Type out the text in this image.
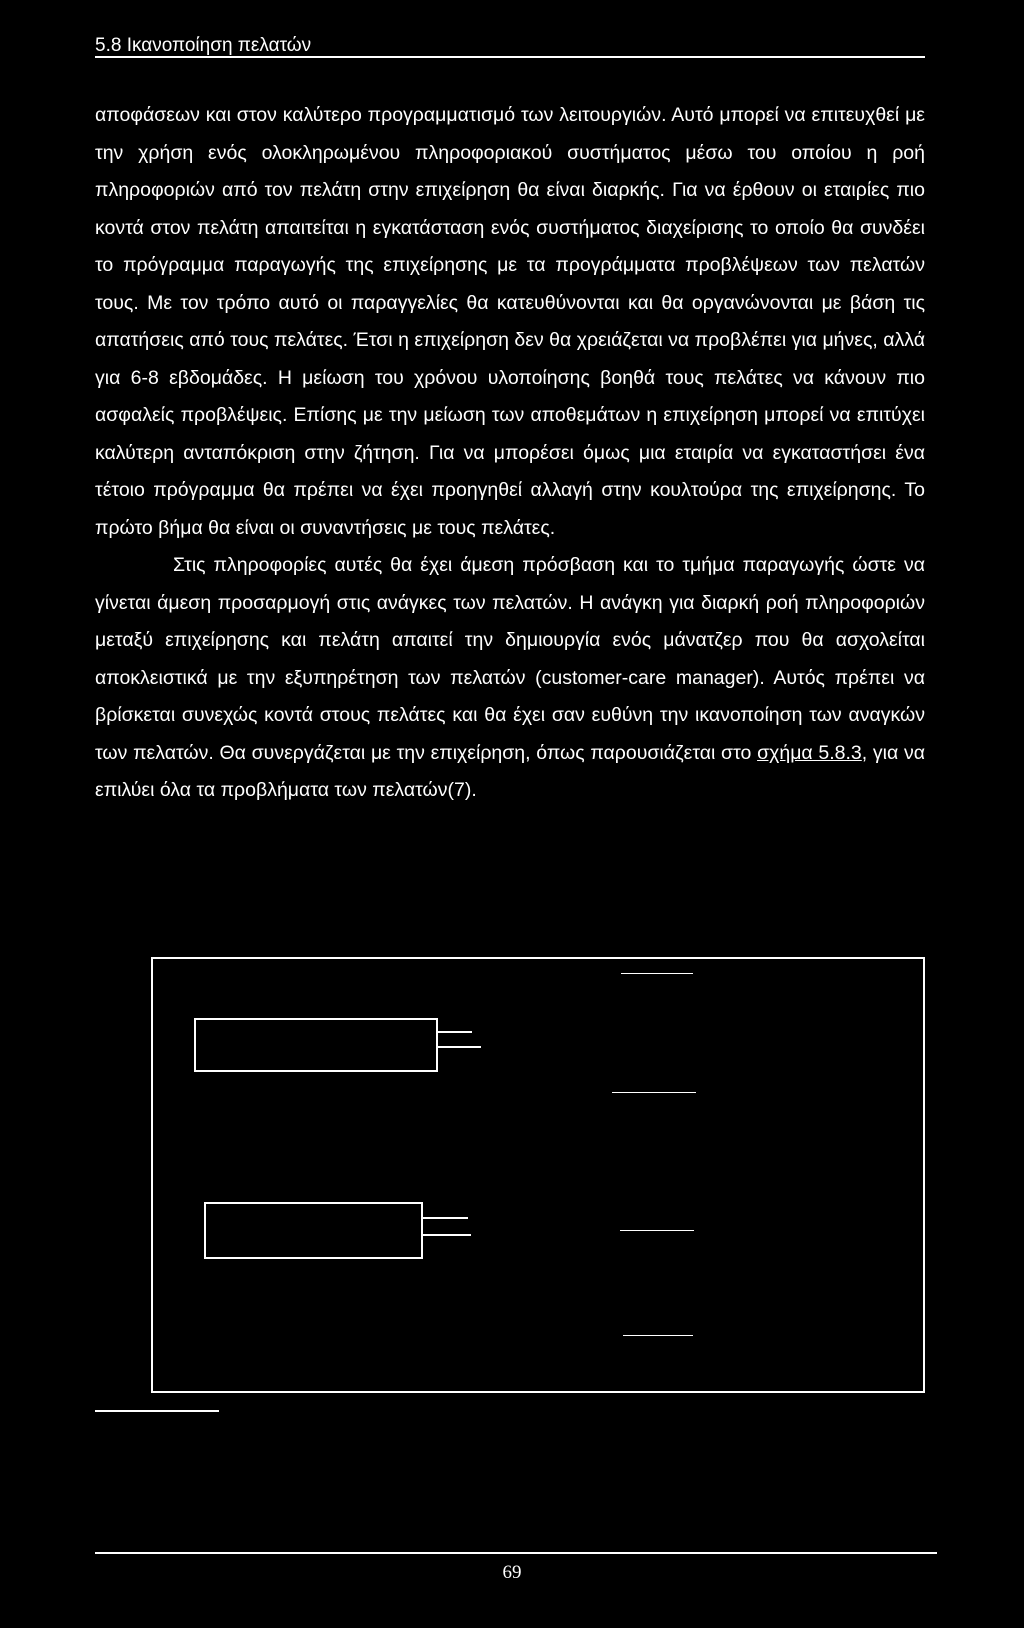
5.8 Ικανοποίηση πελατών

αποφάσεων και στον καλύτερο προγραμματισμό των λειτουργιών. Αυτό μπορεί να επιτευχθεί με την χρήση ενός ολοκληρωμένου πληροφοριακού συστήματος μέσω του οποίου η ροή πληροφοριών από τον πελάτη στην επιχείρηση θα είναι διαρκής. Για να έρθουν οι εταιρίες πιο κοντά στον πελάτη απαιτείται η εγκατάσταση ενός συστήματος διαχείρισης το οποίο θα συνδέει το πρόγραμμα παραγωγής της επιχείρησης με τα προγράμματα προβλέψεων των πελατών τους. Με τον τρόπο αυτό οι παραγγελίες θα κατευθύνονται και θα οργανώνονται με βάση τις απατήσεις από τους πελάτες. Έτσι η επιχείρηση δεν θα χρειάζεται να προβλέπει για μήνες, αλλά για 6-8 εβδομάδες. Η μείωση του χρόνου υλοποίησης βοηθά τους πελάτες να κάνουν πιο ασφαλείς προβλέψεις. Επίσης με την μείωση των αποθεμάτων η επιχείρηση μπορεί να επιτύχει καλύτερη ανταπόκριση στην ζήτηση. Για να μπορέσει όμως μια εταιρία να εγκαταστήσει ένα τέτοιο πρόγραμμα θα πρέπει να έχει προηγηθεί αλλαγή στην κουλτούρα της επιχείρησης. Το πρώτο βήμα θα είναι οι συναντήσεις με τους πελάτες.

Στις πληροφορίες αυτές θα έχει άμεση πρόσβαση και το τμήμα παραγωγής ώστε να γίνεται άμεση προσαρμογή στις ανάγκες των πελατών. Η ανάγκη για διαρκή ροή πληροφοριών μεταξύ επιχείρησης και πελάτη απαιτεί την δημιουργία ενός μάνατζερ που θα ασχολείται αποκλειστικά με την εξυπηρέτηση των πελατών (customer-care manager). Αυτός πρέπει να βρίσκεται συνεχώς κοντά στους πελάτες και θα έχει σαν ευθύνη την ικανοποίηση των αναγκών των πελατών. Θα συνεργάζεται με την επιχείρηση, όπως παρουσιάζεται στο σχήμα 5.8.3, για να επιλύει όλα τα προβλήματα των πελατών(7).

69
